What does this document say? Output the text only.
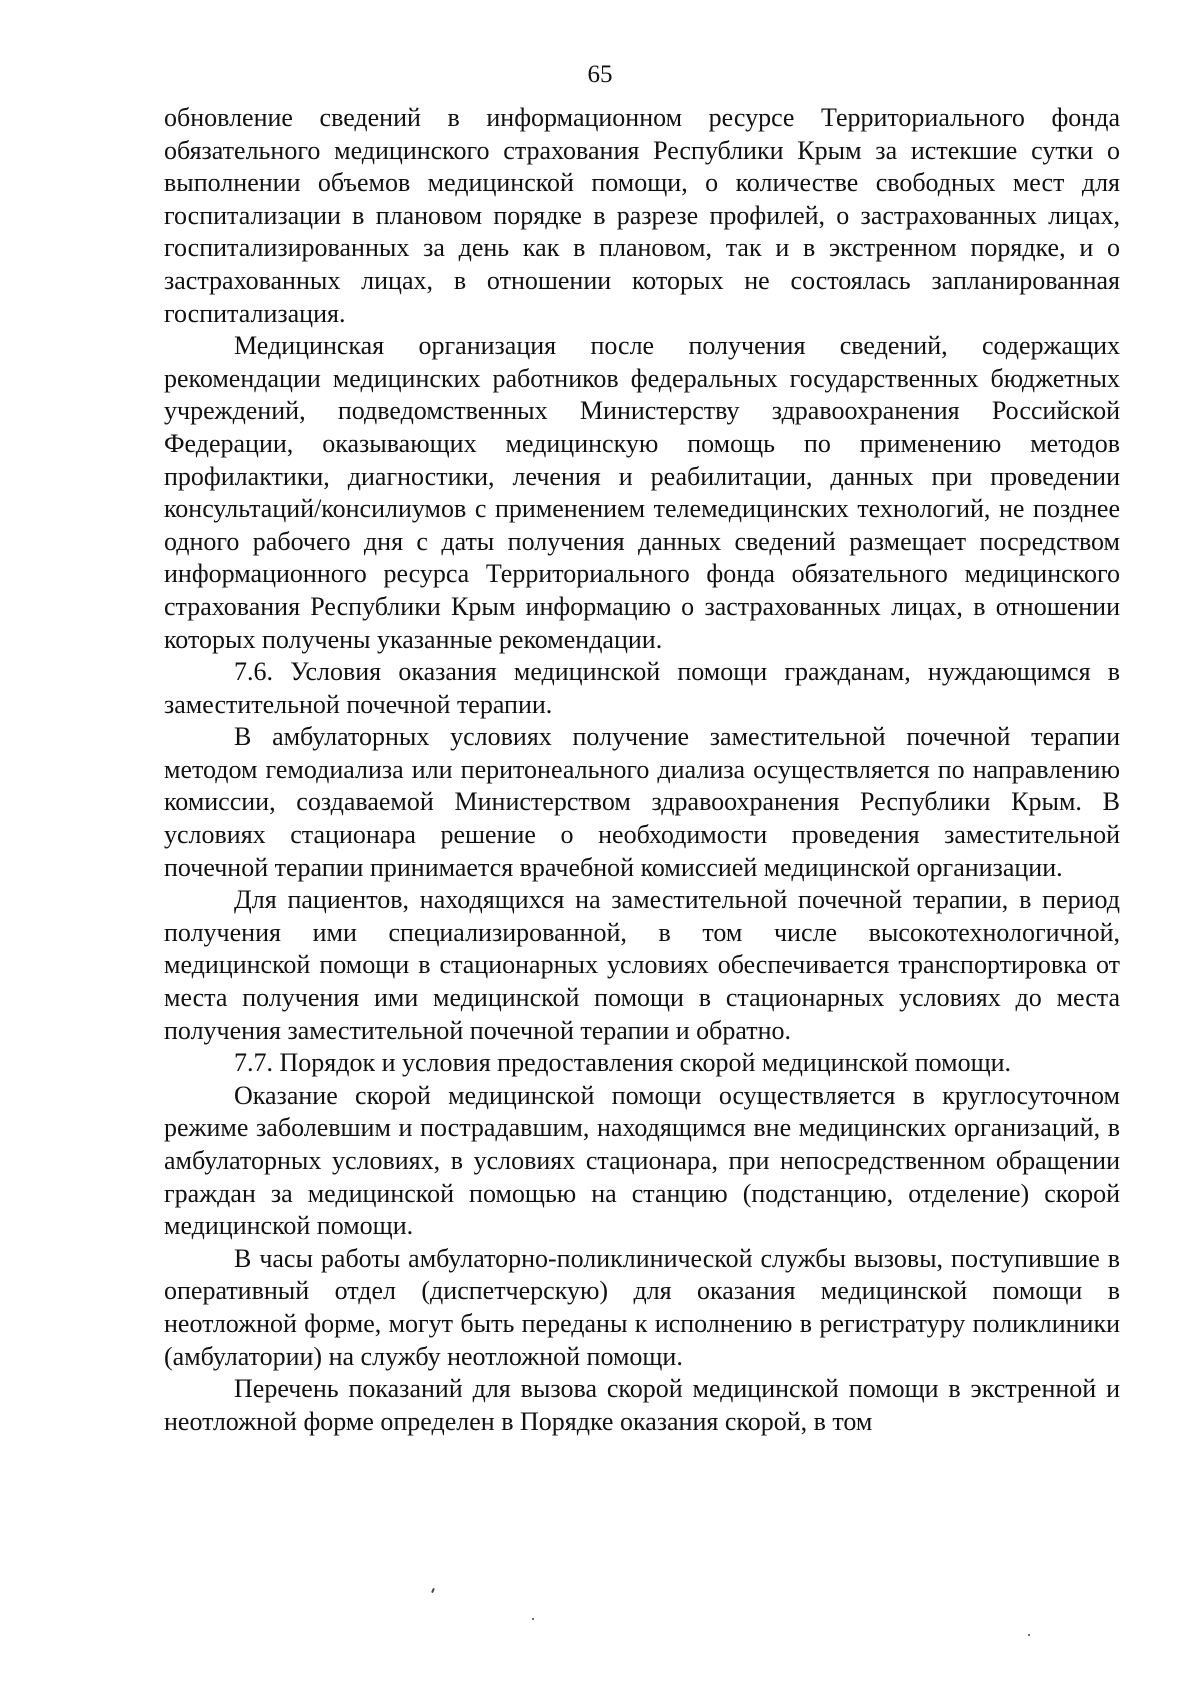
65

обновление сведений в информационном ресурсе Территориального фонда обязательного медицинского страхования Республики Крым за истекшие сутки о выполнении объемов медицинской помощи, о количестве свободных мест для госпитализации в плановом порядке в разрезе профилей, о застрахованных лицах, госпитализированных за день как в плановом, так и в экстренном порядке, и о застрахованных лицах, в отношении которых не состоялась запланированная госпитализация.

Медицинская организация после получения сведений, содержащих рекомендации медицинских работников федеральных государственных бюджетных учреждений, подведомственных Министерству здравоохранения Российской Федерации, оказывающих медицинскую помощь по применению методов профилактики, диагностики, лечения и реабилитации, данных при проведении консультаций/консилиумов с применением телемедицинских технологий, не позднее одного рабочего дня с даты получения данных сведений размещает посредством информационного ресурса Территориального фонда обязательного медицинского страхования Республики Крым информацию о застрахованных лицах, в отношении которых получены указанные рекомендации.

7.6. Условия оказания медицинской помощи гражданам, нуждающимся в заместительной почечной терапии.

В амбулаторных условиях получение заместительной почечной терапии методом гемодиализа или перитонеального диализа осуществляется по направлению комиссии, создаваемой Министерством здравоохранения Республики Крым. В условиях стационара решение о необходимости проведения заместительной почечной терапии принимается врачебной комиссией медицинской организации.

Для пациентов, находящихся на заместительной почечной терапии, в период получения ими специализированной, в том числе высокотехнологичной, медицинской помощи в стационарных условиях обеспечивается транспортировка от места получения ими медицинской помощи в стационарных условиях до места получения заместительной почечной терапии и обратно.

7.7. Порядок и условия предоставления скорой медицинской помощи.

Оказание скорой медицинской помощи осуществляется в круглосуточном режиме заболевшим и пострадавшим, находящимся вне медицинских организаций, в амбулаторных условиях, в условиях стационара, при непосредственном обращении граждан за медицинской помощью на станцию (подстанцию, отделение) скорой медицинской помощи.

В часы работы амбулаторно-поликлинической службы вызовы, поступившие в оперативный отдел (диспетчерскую) для оказания медицинской помощи в неотложной форме, могут быть переданы к исполнению в регистратуру поликлиники (амбулатории) на службу неотложной помощи.

Перечень показаний для вызова скорой медицинской помощи в экстренной и неотложной форме определен в Порядке оказания скорой, в том
